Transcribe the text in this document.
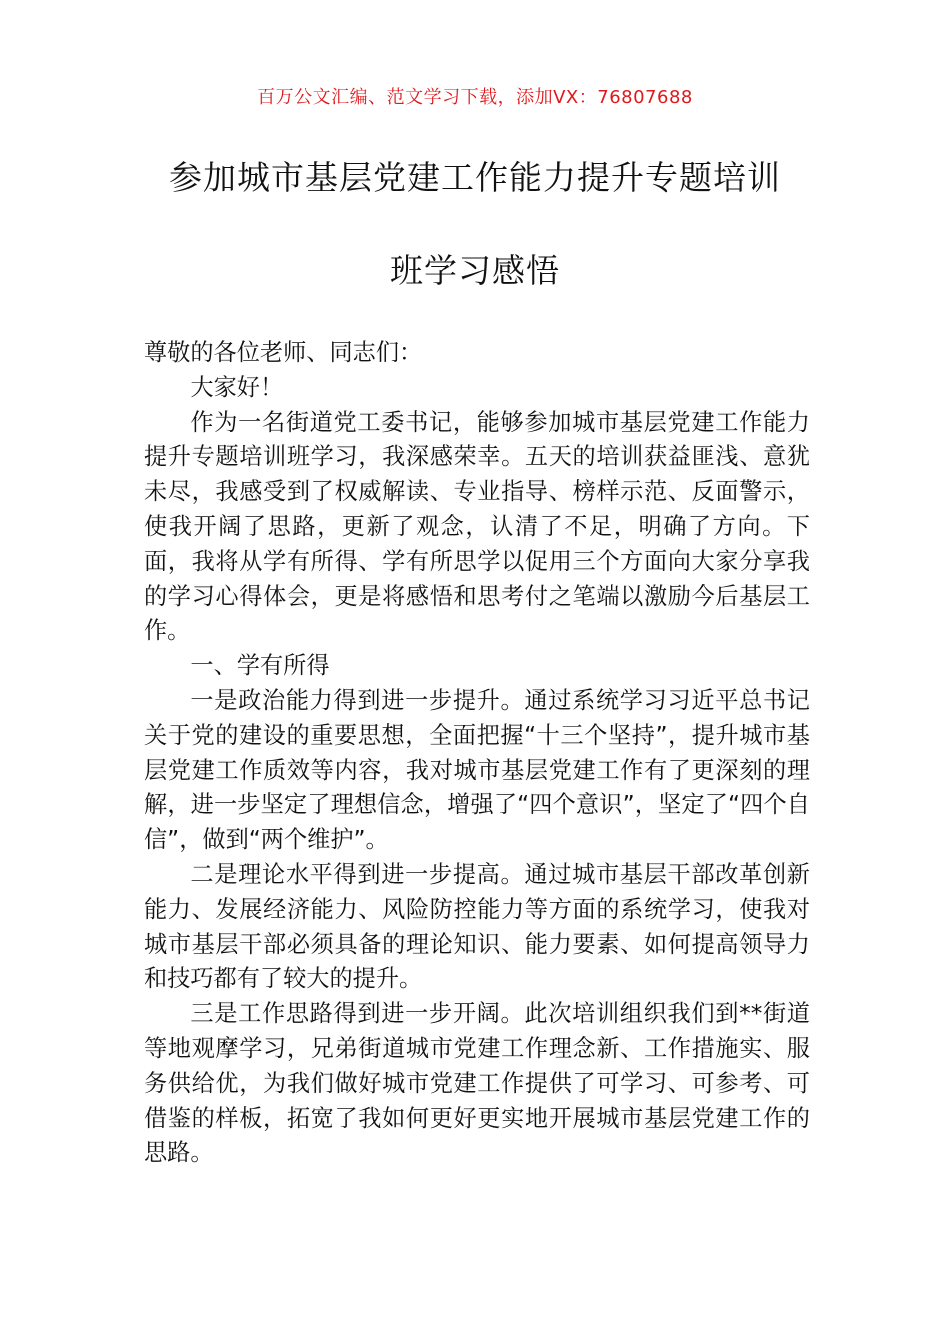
百万公文汇编、范文学习下载，添加VX：76807688
参加城市基层党建工作能力提升专题培训
班学习感悟

尊敬的各位老师、同志们：

大家好！

作为一名街道党工委书记，能够参加城市基层党建工作能力提升专题培训班学习，我深感荣幸。五天的培训获益匪浅、意犹未尽，我感受到了权威解读、专业指导、榜样示范、反面警示，使我开阔了思路，更新了观念，认清了不足，明确了方向。下面，我将从学有所得、学有所思学以促用三个方面向大家分享我的学习心得体会，更是将感悟和思考付之笔端以激励今后基层工作。

一、学有所得

一是政治能力得到进一步提升。通过系统学习习近平总书记关于党的建设的重要思想，全面把握“十三个坚持”，提升城市基层党建工作质效等内容，我对城市基层党建工作有了更深刻的理解，进一步坚定了理想信念，增强了“四个意识”，坚定了“四个自信”，做到“两个维护”。

二是理论水平得到进一步提高。通过城市基层干部改革创新能力、发展经济能力、风险防控能力等方面的系统学习，使我对城市基层干部必须具备的理论知识、能力要素、如何提高领导力和技巧都有了较大的提升。

三是工作思路得到进一步开阔。此次培训组织我们到**街道等地观摩学习，兄弟街道城市党建工作理念新、工作措施实、服务供给优，为我们做好城市党建工作提供了可学习、可参考、可借鉴的样板，拓宽了我如何更好更实地开展城市基层党建工作的思路。
